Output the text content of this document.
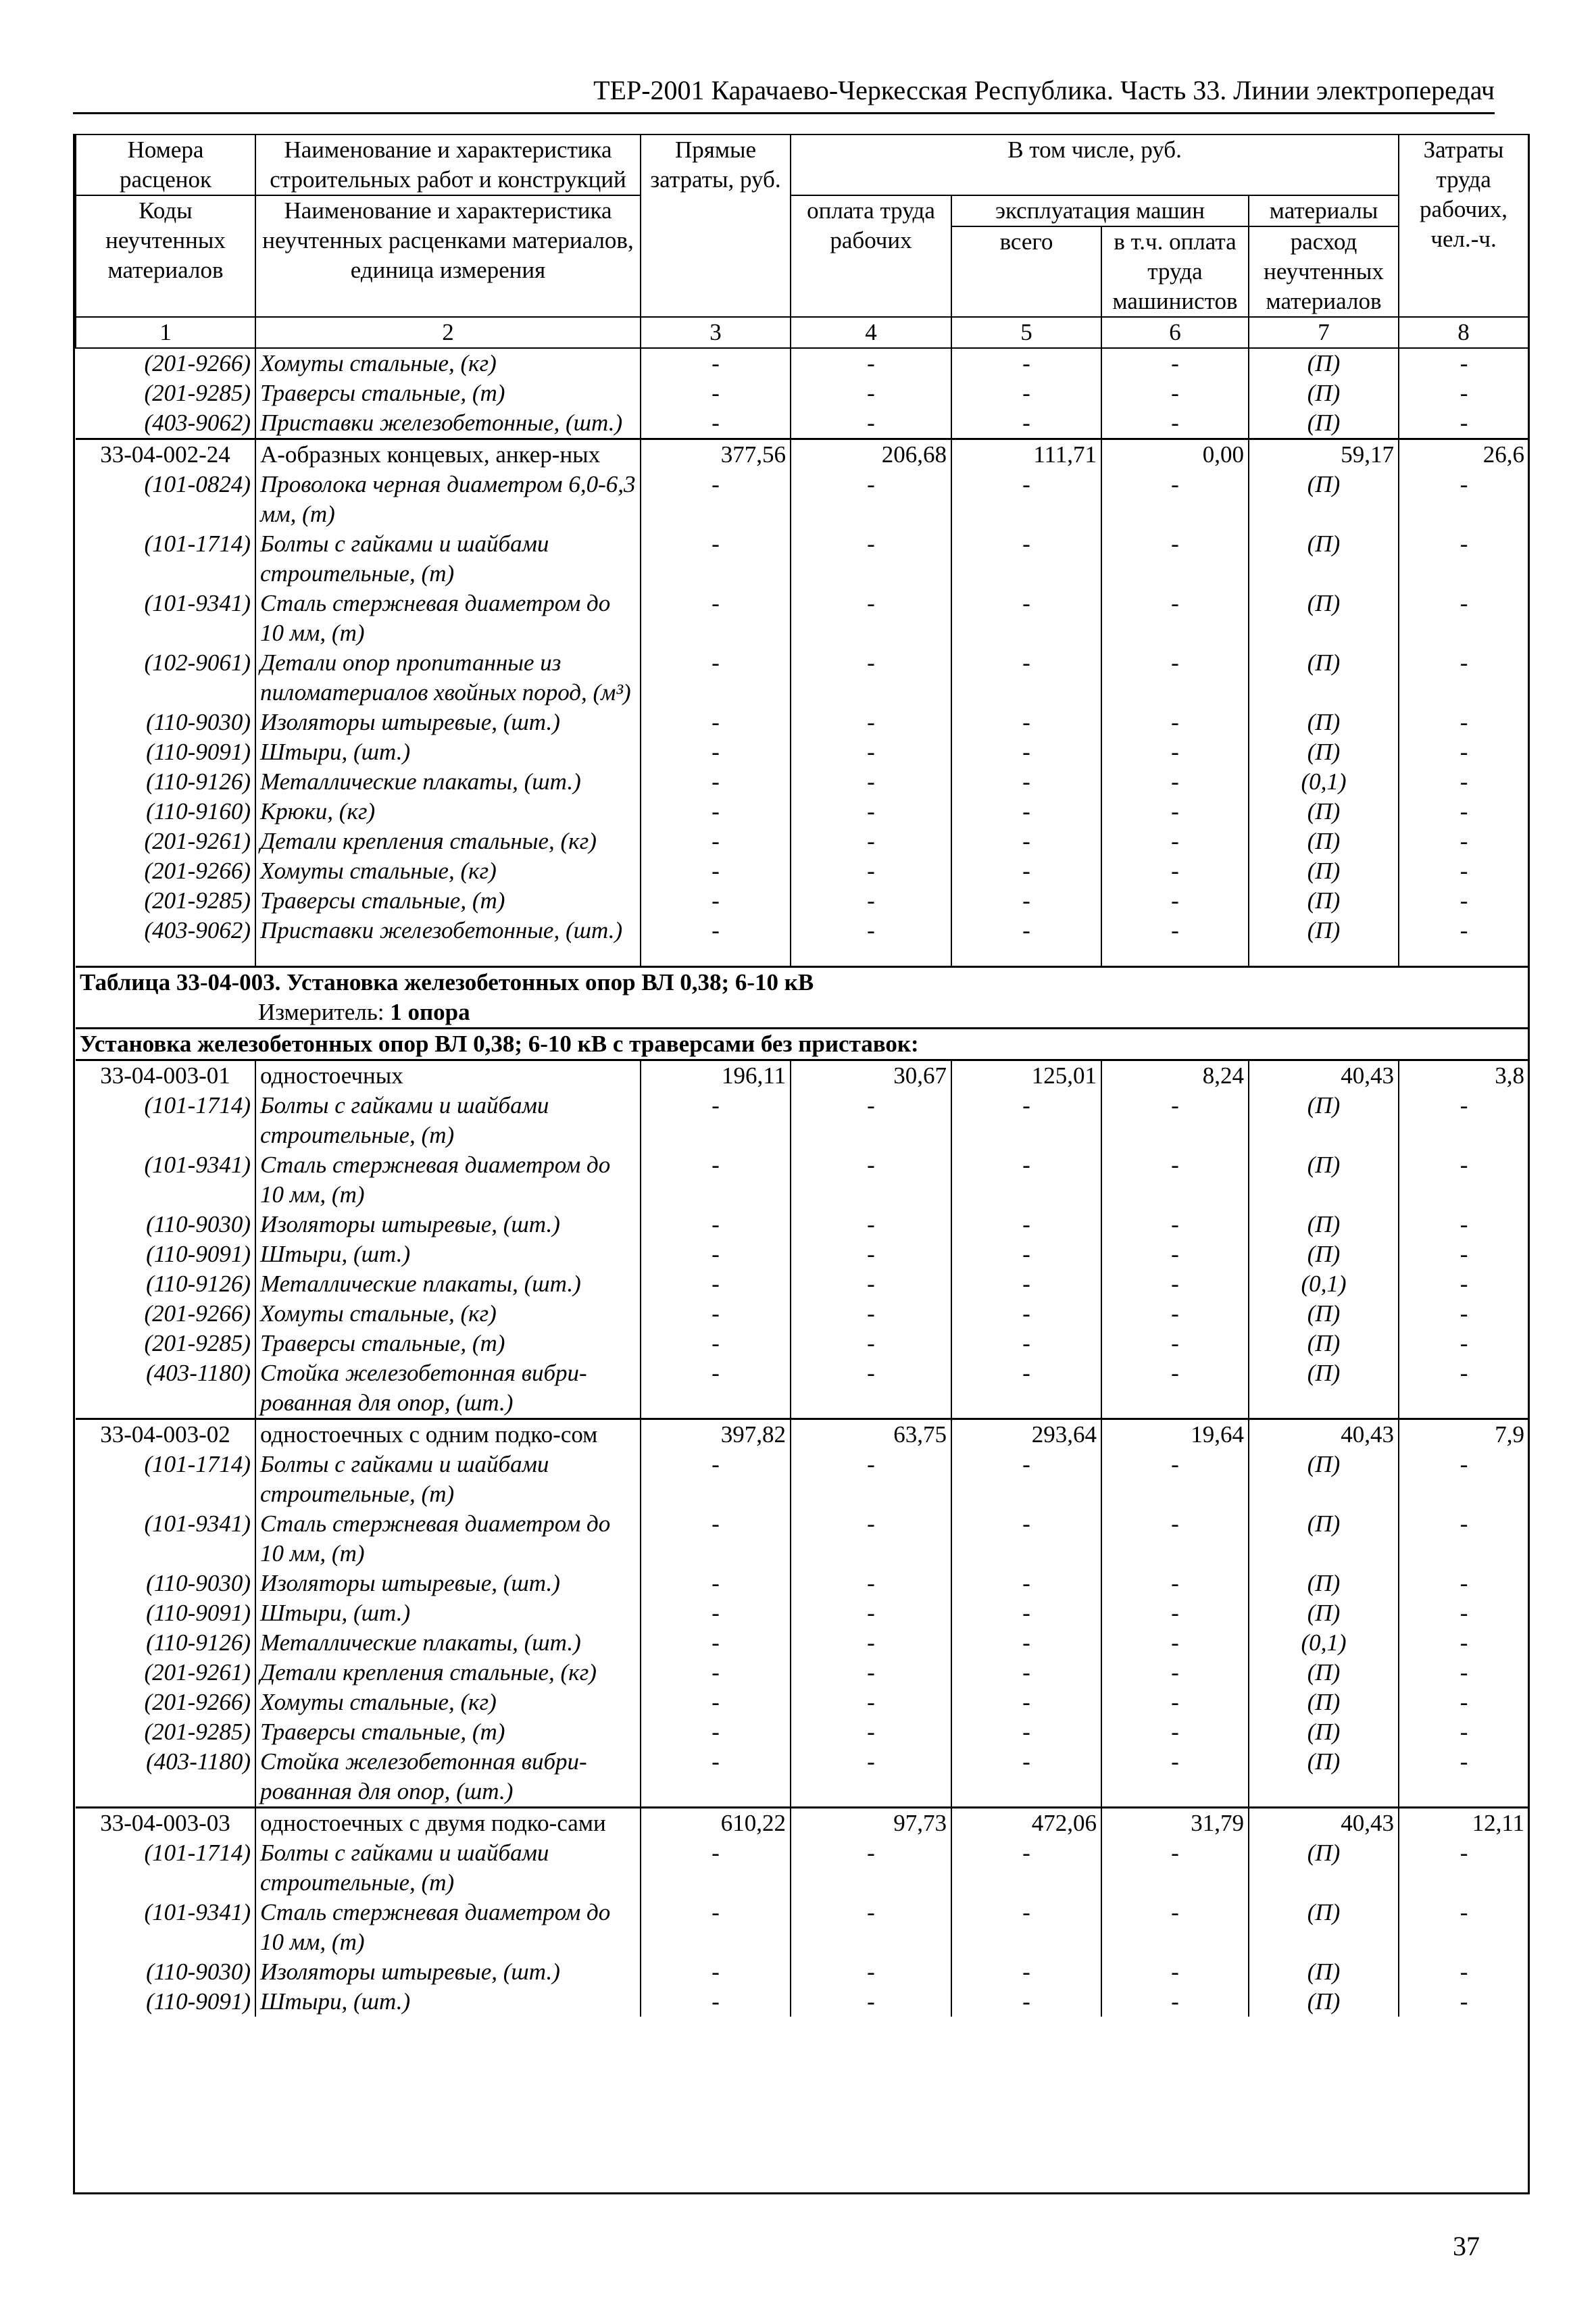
ТЕР-2001 Карачаево-Черкесская Республика. Часть 33. Линии электропередач
Номера расценок	Наименование и характеристика строительных работ и конструкций	Прямые затраты, руб.	В том числе, руб.				Затраты труда рабочих, чел.-ч.
Коды неучтенных материалов	Наименование и характеристика неучтенных расценками материалов, единица измерения		оплата труда рабочих	эксплуатация машин		материалы	
				всего	в т.ч. оплата труда машинистов	расход неучтенных материалов	
1	2	3	4	5	6	7	8
(201-9266)	Хомуты стальные, (кг)	-	-	-	-	(П)	-
(201-9285)	Траверсы стальные, (т)	-	-	-	-	(П)	-
(403-9062)	Приставки железобетонные, (шт.)	-	-	-	-	(П)	-
33-04-002-24	А-образных концевых, анкер-ных	377,56	206,68	111,71	0,00	59,17	26,6
(101-0824)	Проволока черная диаметром 6,0-6,3 мм, (т)	-	-	-	-	(П)	-
(101-1714)	Болты с гайками и шайбами строительные, (т)	-	-	-	-	(П)	-
(101-9341)	Сталь стержневая диаметром до 10 мм, (т)	-	-	-	-	(П)	-
(102-9061)	Детали опор пропитанные из пиломатериалов хвойных пород, (м³)	-	-	-	-	(П)	-
(110-9030)	Изоляторы штыревые, (шт.)	-	-	-	-	(П)	-
(110-9091)	Штыри, (шт.)	-	-	-	-	(П)	-
(110-9126)	Металлические плакаты, (шт.)	-	-	-	-	(0,1)	-
(110-9160)	Крюки, (кг)	-	-	-	-	(П)	-
(201-9261)	Детали крепления стальные, (кг)	-	-	-	-	(П)	-
(201-9266)	Хомуты стальные, (кг)	-	-	-	-	(П)	-
(201-9285)	Траверсы стальные, (т)	-	-	-	-	(П)	-
(403-9062)	Приставки железобетонные, (шт.)	-	-	-	-	(П)	-

Таблица 33-04-003. Установка железобетонных опор ВЛ 0,38; 6-10 кВ							
Измеритель: 1 опора							
Установка железобетонных опор ВЛ 0,38; 6-10 кВ с траверсами без приставок:							
33-04-003-01	одностоечных	196,11	30,67	125,01	8,24	40,43	3,8
(101-1714)	Болты с гайками и шайбами строительные, (т)	-	-	-	-	(П)	-
(101-9341)	Сталь стержневая диаметром до 10 мм, (т)	-	-	-	-	(П)	-
(110-9030)	Изоляторы штыревые, (шт.)	-	-	-	-	(П)	-
(110-9091)	Штыри, (шт.)	-	-	-	-	(П)	-
(110-9126)	Металлические плакаты, (шт.)	-	-	-	-	(0,1)	-
(201-9266)	Хомуты стальные, (кг)	-	-	-	-	(П)	-
(201-9285)	Траверсы стальные, (т)	-	-	-	-	(П)	-
(403-1180)	Стойка железобетонная вибри-рованная для опор, (шт.)	-	-	-	-	(П)	-
33-04-003-02	одностоечных с одним подко-сом	397,82	63,75	293,64	19,64	40,43	7,9
(101-1714)	Болты с гайками и шайбами строительные, (т)	-	-	-	-	(П)	-
(101-9341)	Сталь стержневая диаметром до 10 мм, (т)	-	-	-	-	(П)	-
(110-9030)	Изоляторы штыревые, (шт.)	-	-	-	-	(П)	-
(110-9091)	Штыри, (шт.)	-	-	-	-	(П)	-
(110-9126)	Металлические плакаты, (шт.)	-	-	-	-	(0,1)	-
(201-9261)	Детали крепления стальные, (кг)	-	-	-	-	(П)	-
(201-9266)	Хомуты стальные, (кг)	-	-	-	-	(П)	-
(201-9285)	Траверсы стальные, (т)	-	-	-	-	(П)	-
(403-1180)	Стойка железобетонная вибри-рованная для опор, (шт.)	-	-	-	-	(П)	-
33-04-003-03	одностоечных с двумя подко-сами	610,22	97,73	472,06	31,79	40,43	12,11
(101-1714)	Болты с гайками и шайбами строительные, (т)	-	-	-	-	(П)	-
(101-9341)	Сталь стержневая диаметром до 10 мм, (т)	-	-	-	-	(П)	-
(110-9030)	Изоляторы штыревые, (шт.)	-	-	-	-	(П)	-
(110-9091)	Штыри, (шт.)	-	-	-	-	(П)	-
37
